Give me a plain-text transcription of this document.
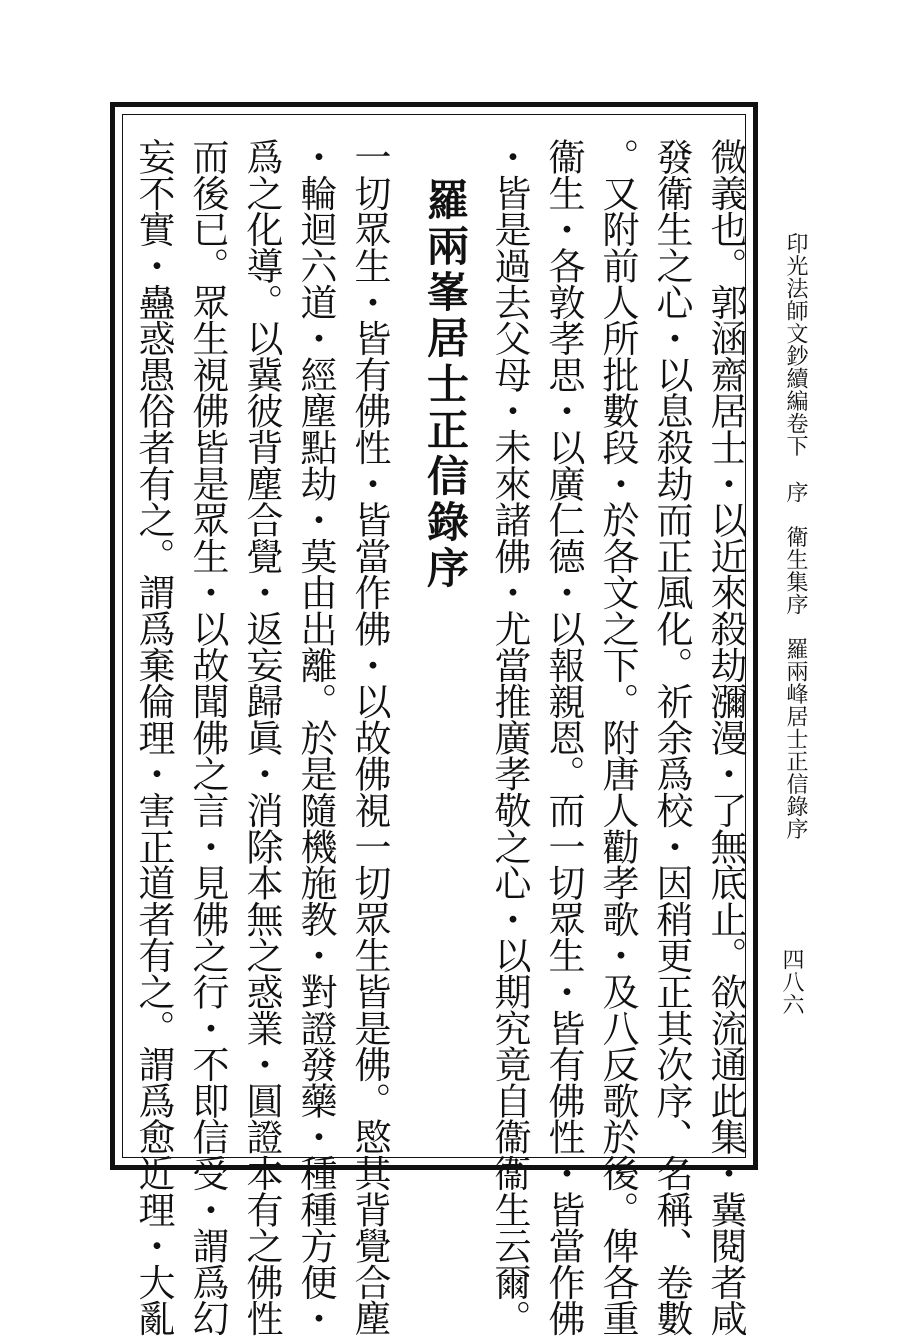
印光法師文鈔續編卷下序衛生集序羅兩峰居士正信錄序
四八六
微義也。郭涵齋居士・以近來殺劫瀰漫・了無底止。欲流通此集・冀閱者咸
發衛生之心・以息殺劫而正風化。祈余爲校・因稍更正其次序、名稱、卷數
。又附前人所批數段・於各文之下。附唐人勸孝歌・及八反歌於後。俾各重
衞生・各敦孝思・以廣仁德・以報親恩。而一切眾生・皆有佛性・皆當作佛
・皆是過去父母・未來諸佛・尤當推廣孝敬之心・以期究竟自衞衞生云爾。
羅兩峯居士正信錄序
一切眾生・皆有佛性・皆當作佛・以故佛視一切眾生皆是佛。愍其背覺合塵
・輪迴六道・經塵點劫・莫由出離。於是隨機施教・對證發藥・種種方便・
爲之化導。以冀彼背塵合覺・返妄歸眞・消除本無之惑業・圓證本有之佛性
而後已。眾生視佛皆是眾生・以故聞佛之言・見佛之行・不即信受・謂爲幻
妄不實・蠱惑愚俗者有之。謂爲棄倫理・害正道者有之。謂爲愈近理・大亂
